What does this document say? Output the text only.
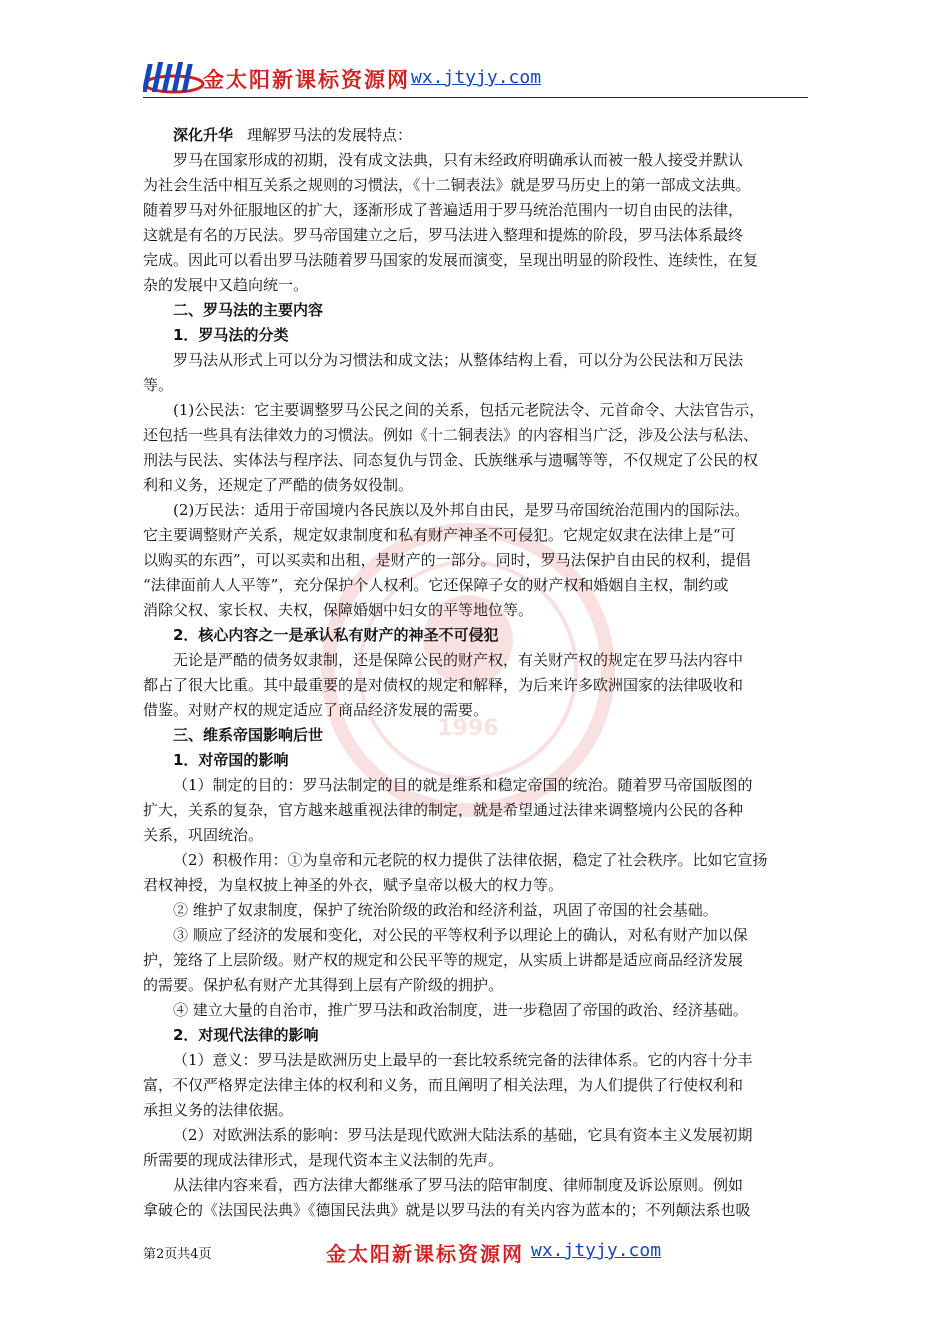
金太阳新课标资源网 wx.jtyjy.com
1996
深化升华 理解罗马法的发展特点：
罗马在国家形成的初期，没有成文法典，只有未经政府明确承认而被一般人接受并默认
为社会生活中相互关系之规则的习惯法，《十二铜表法》就是罗马历史上的第一部成文法典。
随着罗马对外征服地区的扩大，逐渐形成了普遍适用于罗马统治范围内一切自由民的法律，
这就是有名的万民法。罗马帝国建立之后，罗马法进入整理和提炼的阶段，罗马法体系最终
完成。因此可以看出罗马法随着罗马国家的发展而演变，呈现出明显的阶段性、连续性，在复
杂的发展中又趋向统一。
二、罗马法的主要内容
1．罗马法的分类
罗马法从形式上可以分为习惯法和成文法；从整体结构上看，可以分为公民法和万民法
等。
(1)公民法：它主要调整罗马公民之间的关系，包括元老院法令、元首命令、大法官告示，
还包括一些具有法律效力的习惯法。例如《十二铜表法》的内容相当广泛，涉及公法与私法、
刑法与民法、实体法与程序法、同态复仇与罚金、氏族继承与遗嘱等等，不仅规定了公民的权
利和义务，还规定了严酷的债务奴役制。
(2)万民法：适用于帝国境内各民族以及外邦自由民，是罗马帝国统治范围内的国际法。
它主要调整财产关系，规定奴隶制度和私有财产神圣不可侵犯。它规定奴隶在法律上是“可
以购买的东西”，可以买卖和出租，是财产的一部分。同时，罗马法保护自由民的权利，提倡
“法律面前人人平等”，充分保护个人权利。它还保障子女的财产权和婚姻自主权，制约或
消除父权、家长权、夫权，保障婚姻中妇女的平等地位等。
2．核心内容之一是承认私有财产的神圣不可侵犯
无论是严酷的债务奴隶制，还是保障公民的财产权，有关财产权的规定在罗马法内容中
都占了很大比重。其中最重要的是对债权的规定和解释，为后来许多欧洲国家的法律吸收和
借鉴。对财产权的规定适应了商品经济发展的需要。
三、维系帝国影响后世
1．对帝国的影响
（1）制定的目的：罗马法制定的目的就是维系和稳定帝国的统治。随着罗马帝国版图的
扩大，关系的复杂，官方越来越重视法律的制定，就是希望通过法律来调整境内公民的各种
关系，巩固统治。
（2）积极作用：①为皇帝和元老院的权力提供了法律依据，稳定了社会秩序。比如它宣扬
君权神授，为皇权披上神圣的外衣，赋予皇帝以极大的权力等。
② 维护了奴隶制度，保护了统治阶级的政治和经济利益，巩固了帝国的社会基础。
③ 顺应了经济的发展和变化，对公民的平等权利予以理论上的确认，对私有财产加以保
护，笼络了上层阶级。财产权的规定和公民平等的规定，从实质上讲都是适应商品经济发展
的需要。保护私有财产尤其得到上层有产阶级的拥护。
④ 建立大量的自治市，推广罗马法和政治制度，进一步稳固了帝国的政治、经济基础。
2．对现代法律的影响
（1）意义：罗马法是欧洲历史上最早的一套比较系统完备的法律体系。它的内容十分丰
富，不仅严格界定法律主体的权利和义务，而且阐明了相关法理，为人们提供了行使权利和
承担义务的法律依据。
（2）对欧洲法系的影响：罗马法是现代欧洲大陆法系的基础，它具有资本主义发展初期
所需要的现成法律形式，是现代资本主义法制的先声。
从法律内容来看，西方法律大都继承了罗马法的陪审制度、律师制度及诉讼原则。例如
拿破仑的《法国民法典》《德国民法典》就是以罗马法的有关内容为蓝本的；不列颠法系也吸
第2页共4页	金太阳新课标资源网 wx.jtyjy.com
